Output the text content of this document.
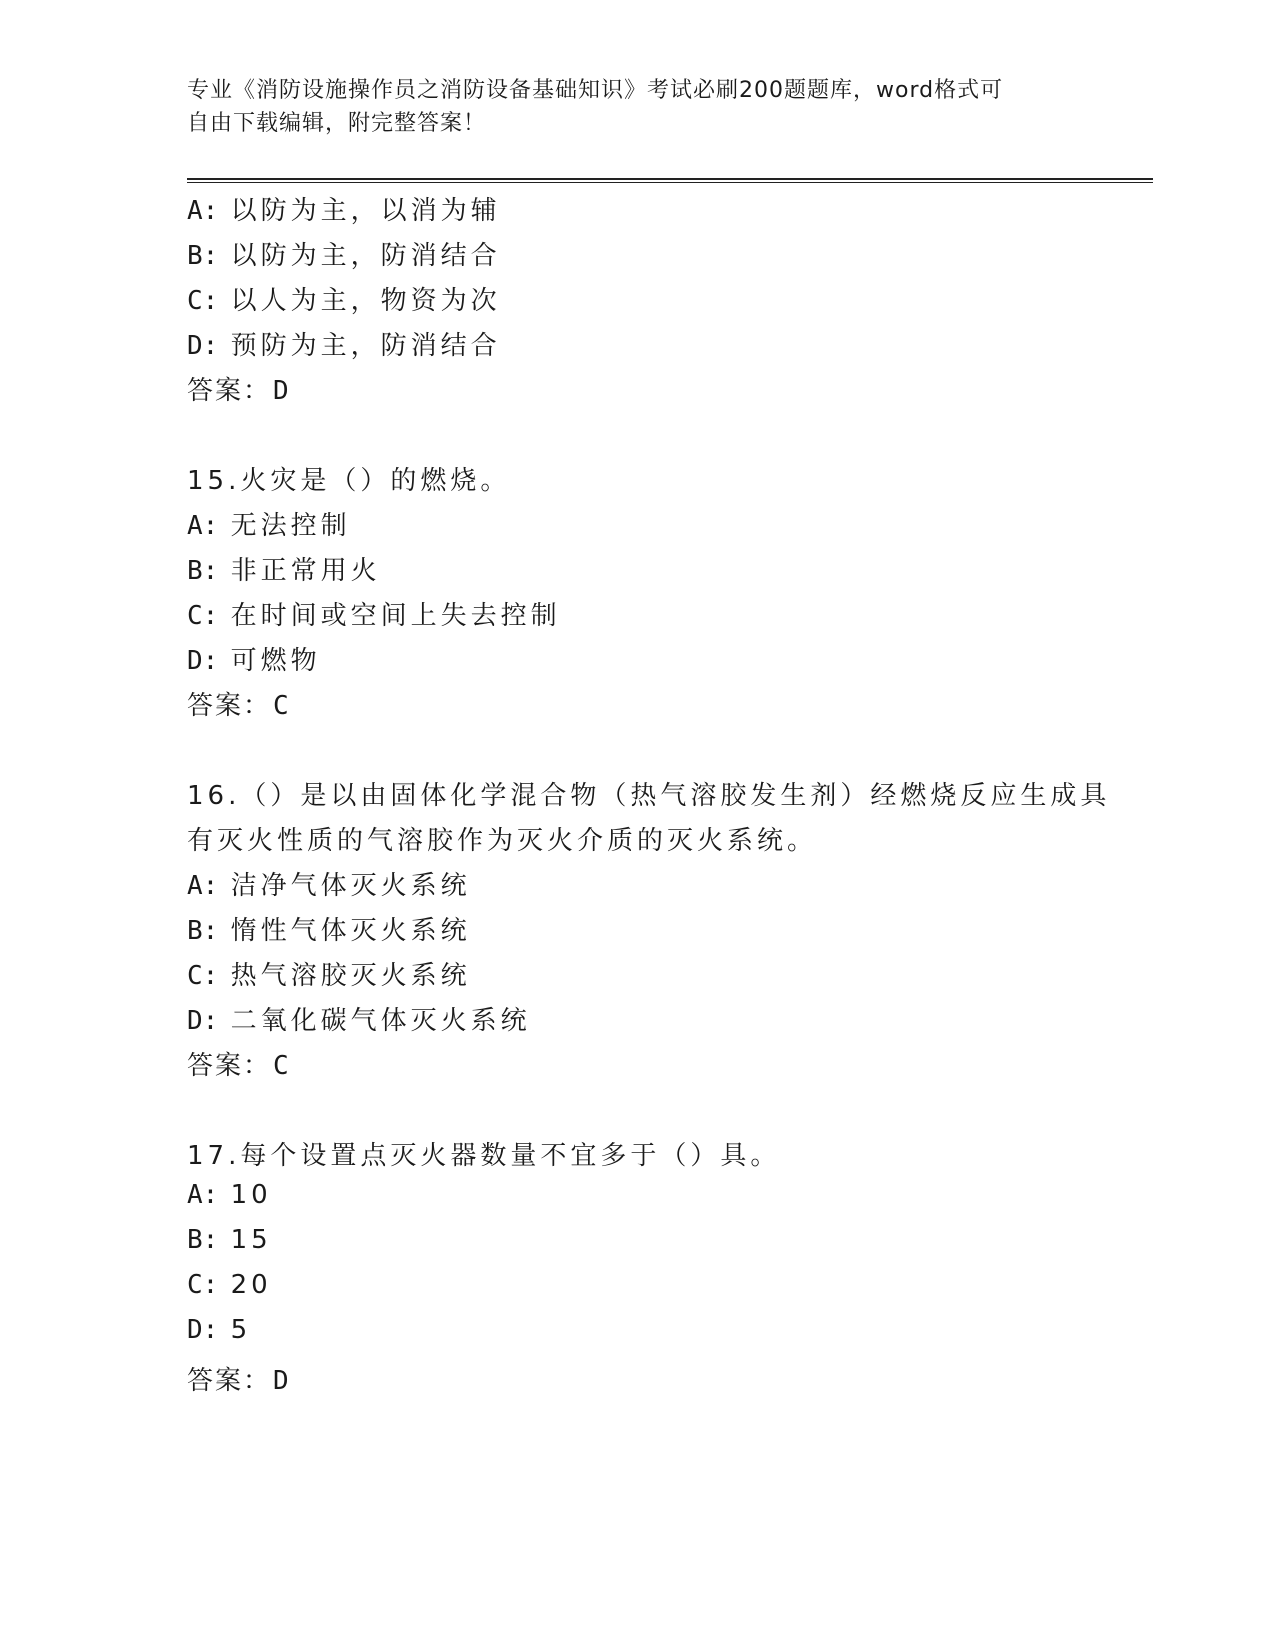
专业《消防设施操作员之消防设备基础知识》考试必刷200题题库，word格式可
自由下载编辑，附完整答案！
A: 以防为主，以消为辅
B: 以防为主，防消结合
C: 以人为主，物资为次
D: 预防为主，防消结合
答案：D
15.火灾是（）的燃烧。
A: 无法控制
B: 非正常用火
C: 在时间或空间上失去控制
D: 可燃物
答案：C
16.（）是以由固体化学混合物（热气溶胶发生剂）经燃烧反应生成具
有灭火性质的气溶胶作为灭火介质的灭火系统。
A: 洁净气体灭火系统
B: 惰性气体灭火系统
C: 热气溶胶灭火系统
D: 二氧化碳气体灭火系统
答案：C
17.每个设置点灭火器数量不宜多于（）具。
A: 10
B: 15
C: 20
D: 5
答案：D
